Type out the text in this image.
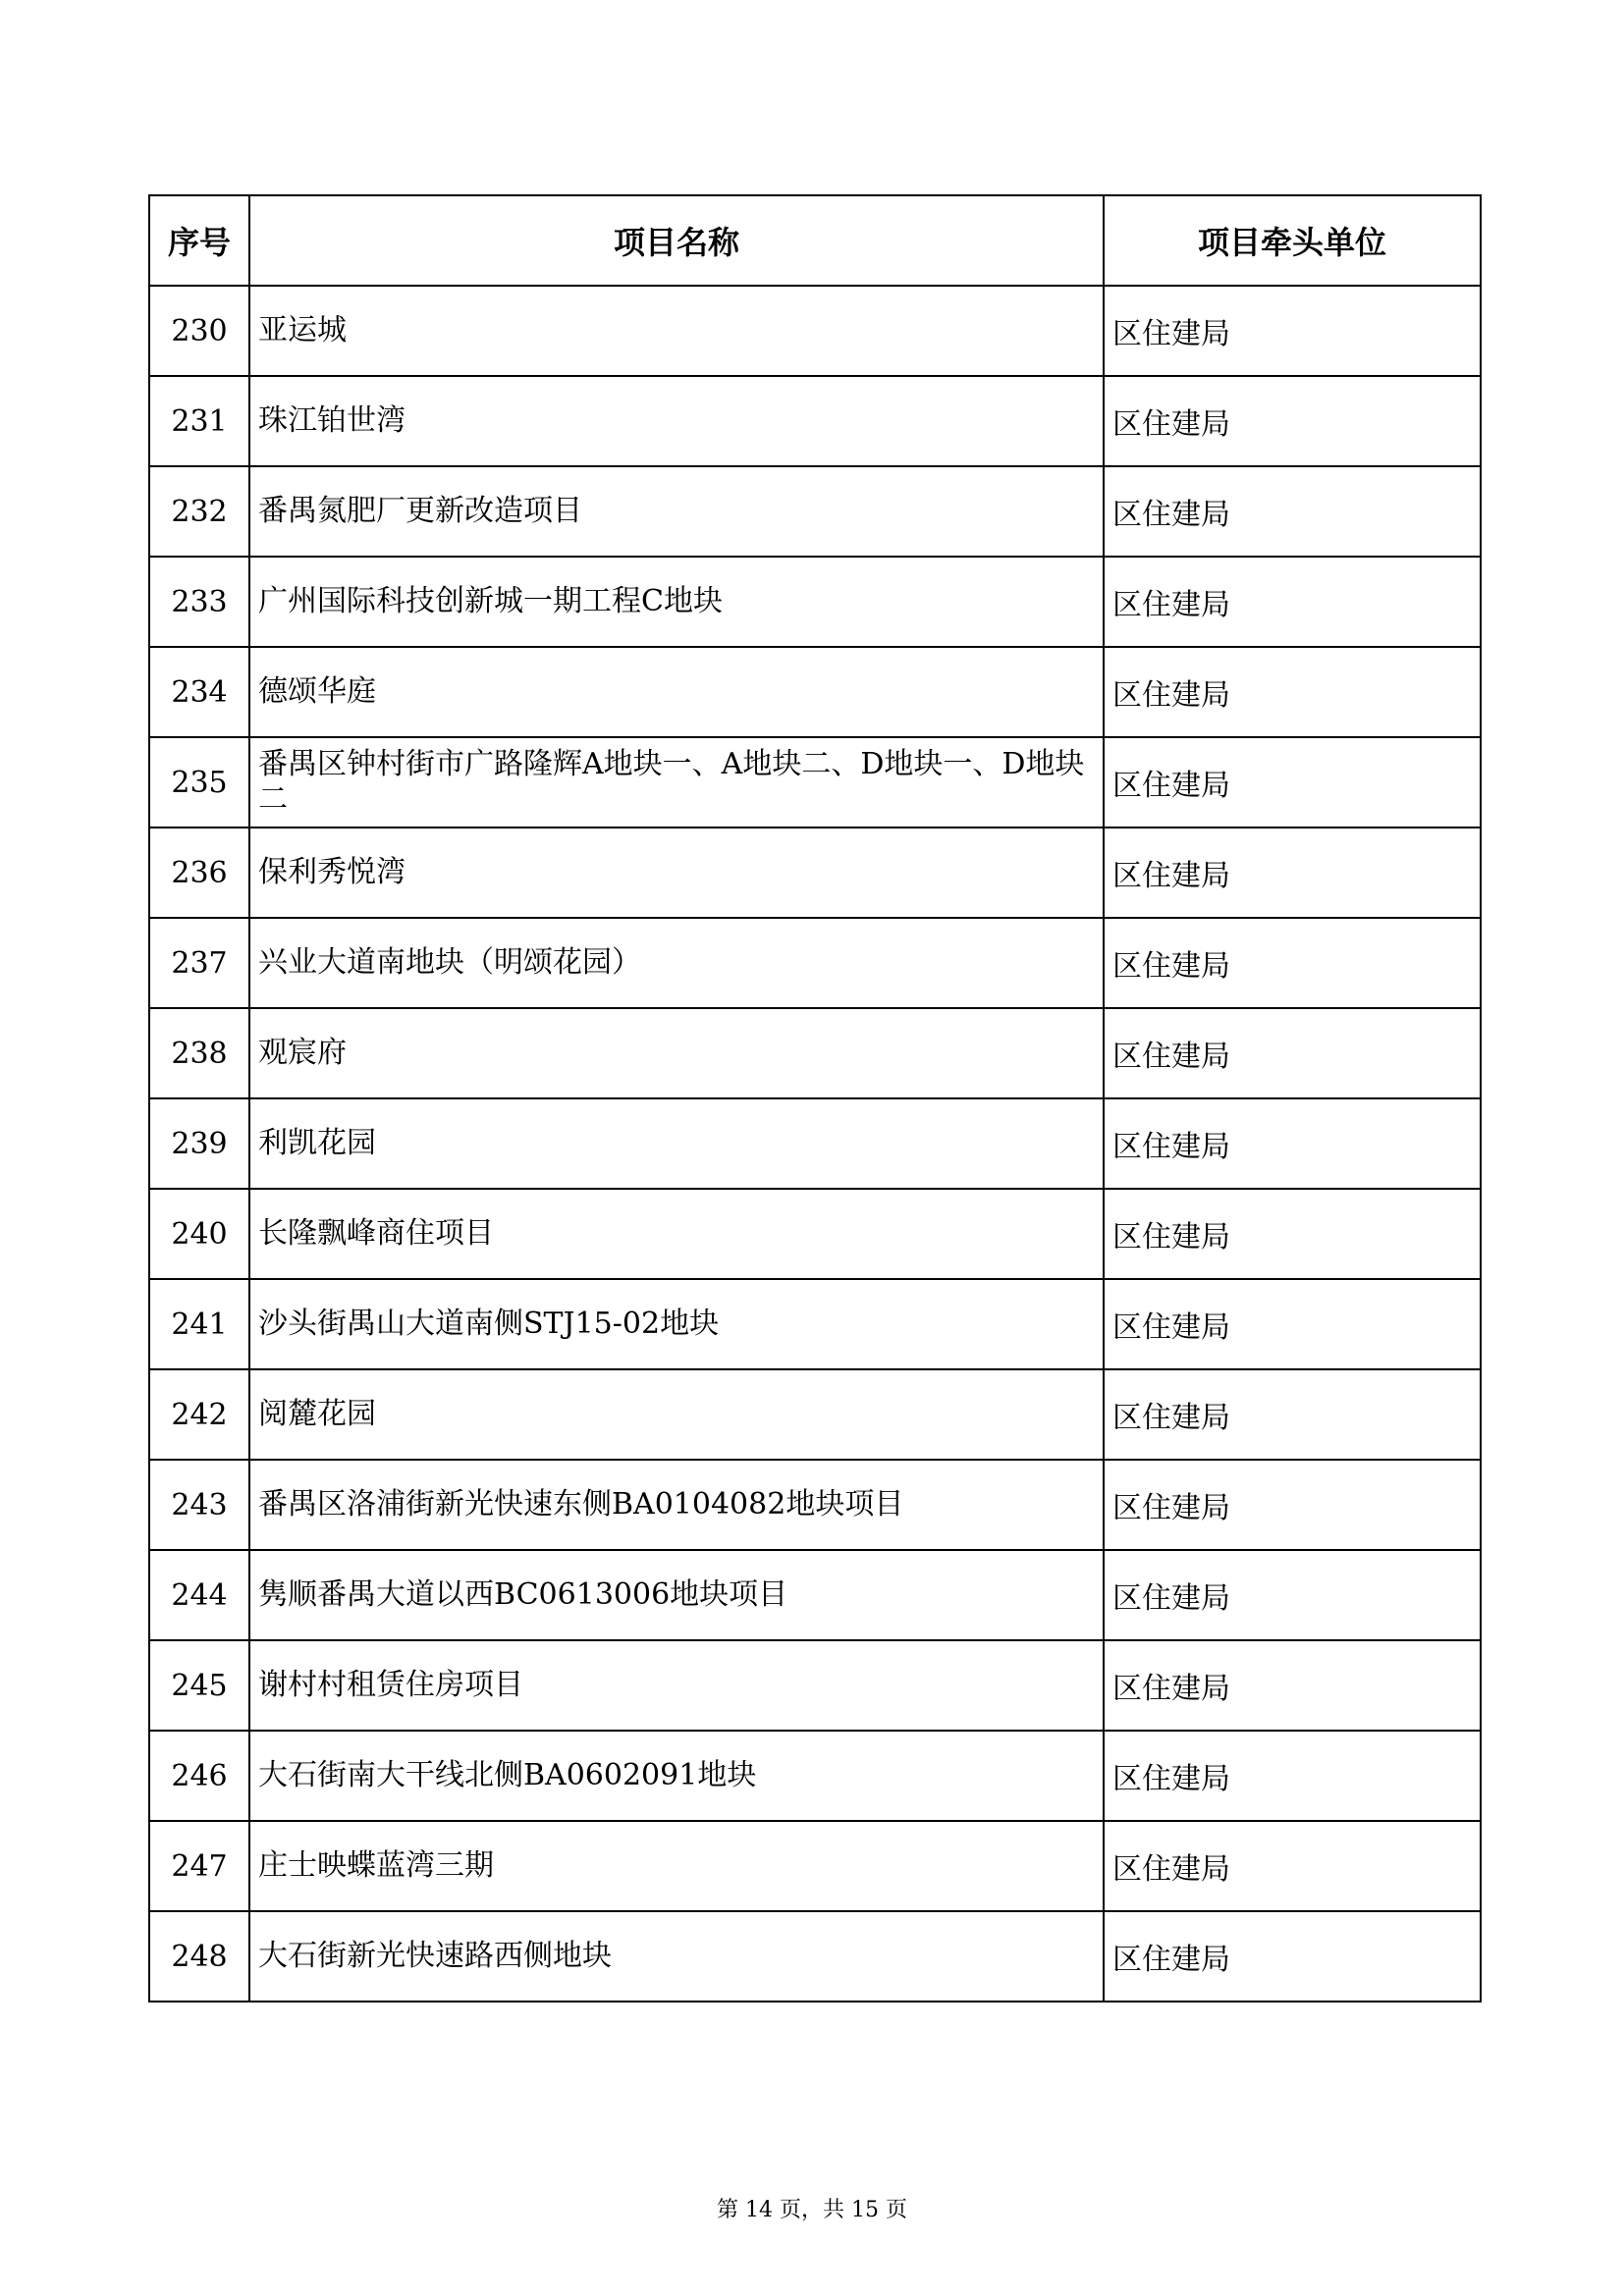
序号	项目名称	项目牵头单位
230	亚运城	区住建局
231	珠江铂世湾	区住建局
232	番禺氮肥厂更新改造项目	区住建局
233	广州国际科技创新城一期工程C地块	区住建局
234	德颂华庭	区住建局
235	番禺区钟村街市广路隆辉A地块一、A地块二、D地块一、D地块二	区住建局
236	保利秀悦湾	区住建局
237	兴业大道南地块（明颂花园）	区住建局
238	观宸府	区住建局
239	利凯花园	区住建局
240	长隆飘峰商住项目	区住建局
241	沙头街禺山大道南侧STJ15-02地块	区住建局
242	阅麓花园	区住建局
243	番禺区洛浦街新光快速东侧BA0104082地块项目	区住建局
244	隽顺番禺大道以西BC0613006地块项目	区住建局
245	谢村村租赁住房项目	区住建局
246	大石街南大干线北侧BA0602091地块	区住建局
247	庄士映蝶蓝湾三期	区住建局
248	大石街新光快速路西侧地块	区住建局
第 14 页，共 15 页
